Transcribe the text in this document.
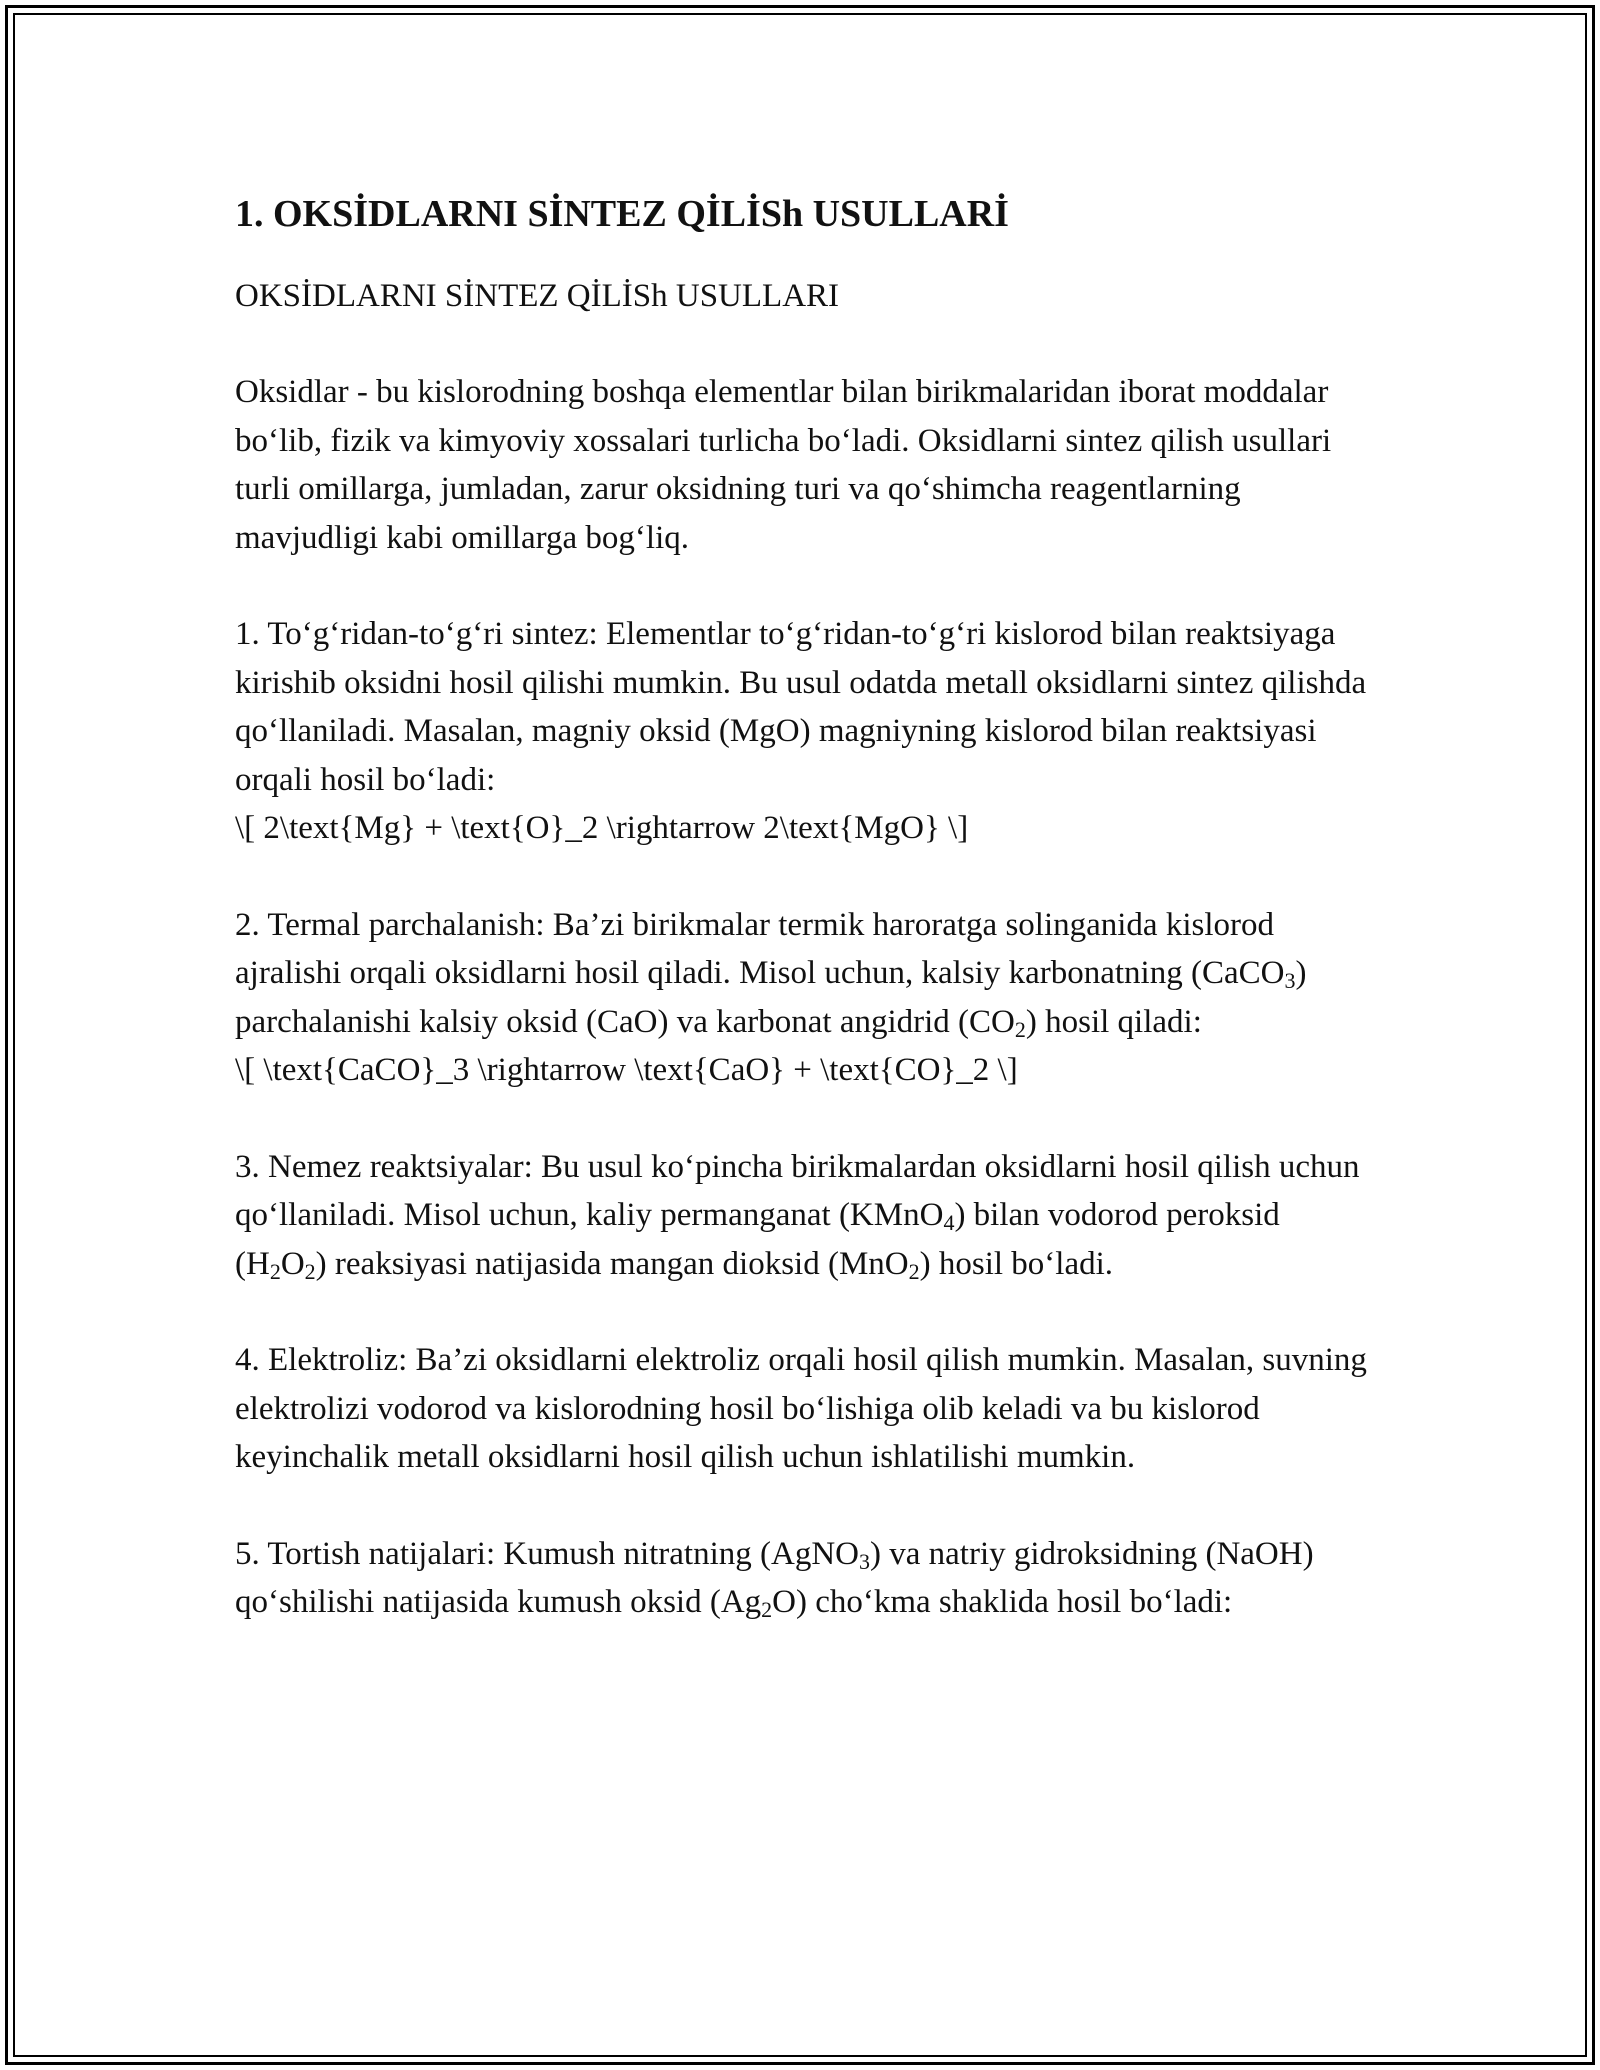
1. OKSİDLARNI SİNTEZ QİLİSh USULLARİ
OKSİDLARNI SİNTEZ QİLİSh USULLARI

Oksidlar - bu kislorodning boshqa elementlar bilan birikmalaridan iborat moddalar bo‘lib, fizik va kimyoviy xossalari turlicha bo‘ladi. Oksidlarni sintez qilish usullari turli omillarga, jumladan, zarur oksidning turi va qo‘shimcha reagentlarning mavjudligi kabi omillarga bog‘liq.

1. To‘g‘ridan-to‘g‘ri sintez: Elementlar to‘g‘ridan-to‘g‘ri kislorod bilan reaktsiyaga kirishib oksidni hosil qilishi mumkin. Bu usul odatda metall oksidlarni sintez qilishda qo‘llaniladi. Masalan, magniy oksid (MgO) magniyning kislorod bilan reaktsiyasi orqali hosil bo‘ladi:
\[ 2\text{Mg} + \text{O}_2 \rightarrow 2\text{MgO} \]

2. Termal parchalanish: Ba’zi birikmalar termik haroratga solinganida kislorod ajralishi orqali oksidlarni hosil qiladi. Misol uchun, kalsiy karbonatning (CaCO$_3$) parchalanishi kalsiy oksid (CaO) va karbonat angidrid $(CO_2)$ hosil qiladi:
\[ \text{CaCO}_3 \rightarrow \text{CaO} + \text{CO}_2 \]

3. Nemez reaktsiyalar: Bu usul ko‘pincha birikmalardan oksidlarni hosil qilish uchun qo‘llaniladi. Misol uchun, kaliy permanganat (KMnO$_4$) bilan vodorod peroksid $(H_2O_2)$ reaksiyasi natijasida mangan dioksid (MnO$_2$) hosil bo‘ladi.

4. Elektroliz: Ba’zi oksidlarni elektroliz orqali hosil qilish mumkin. Masalan, suvning elektrolizi vodorod va kislorodning hosil bo‘lishiga olib keladi va bu kislorod keyinchalik metall oksidlarni hosil qilish uchun ishlatilishi mumkin.

5. Tortish natijalari: Kumush nitratning (AgNO$_3$) va natriy gidroksidning (NaOH) qo‘shilishi natijasida kumush oksid $(Ag_2O)$ cho‘kma shaklida hosil bo‘ladi:
